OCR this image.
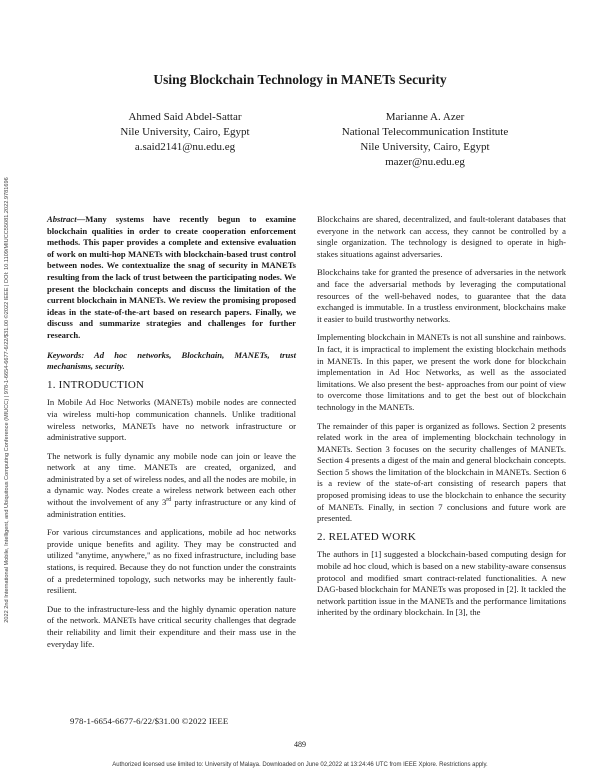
2022 2nd International Mobile, Intelligent, and Ubiquitous Computing Conference (MIUCC) | 978-1-6654-6677-6/22/$31.00 ©2022 IEEE | DOI: 10.1109/MIUCC55081.2022.9781696
Using Blockchain Technology in MANETs Security
Ahmed Said Abdel-Sattar
Nile University, Cairo, Egypt
a.said2141@nu.edu.eg
Marianne A. Azer
National Telecommunication Institute
Nile University, Cairo, Egypt
mazer@nu.edu.eg

Abstract—Many systems have recently begun to examine blockchain qualities in order to create cooperation enforcement methods. This paper provides a complete and extensive evaluation of work on multi-hop MANETs with blockchain-based trust control between nodes. We contextualize the snag of security in MANETs resulting from the lack of trust between the participating nodes. We present the blockchain concepts and discuss the limitation of the current blockchain in MANETs. We review the promising proposed ideas in the state-of-the-art based on research papers. Finally, we discuss and summarize strategies and challenges for further research.

Keywords: Ad hoc networks, Blockchain, MANETs, trust mechanisms, security.

1. INTRODUCTION

In Mobile Ad Hoc Networks (MANETs) mobile nodes are connected via wireless multi-hop communication channels. Unlike traditional wireless networks, MANETs have no network infrastructure or administrative support.

The network is fully dynamic any mobile node can join or leave the network at any time. MANETs are created, organized, and administrated by a set of wireless nodes, and all the nodes are mobile, in a dynamic way. Nodes create a wireless network between each other without the involvement of any 3rd party infrastructure or any kind of administration entities.

For various circumstances and applications, mobile ad hoc networks provide unique benefits and agility. They may be constructed and utilized "anytime, anywhere," as no fixed infrastructure, including base stations, is required. Because they do not function under the constraints of a predetermined topology, such networks may be inherently fault-resilient.

Due to the infrastructure-less and the highly dynamic operation nature of the network. MANETs have critical security challenges that degrade their reliability and limit their expenditure and their mass use in the everyday life.

Blockchains are shared, decentralized, and fault-tolerant databases that everyone in the network can access, they cannot be controlled by a single organization. The technology is designed to operate in high-stakes situations against adversaries.

Blockchains take for granted the presence of adversaries in the network and face the adversarial methods by leveraging the computational resources of the well-behaved nodes, to guarantee that the data exchanged is immutable. In a trustless environment, blockchains make it easier to build trustworthy networks.

Implementing blockchain in MANETs is not all sunshine and rainbows. In fact, it is impractical to implement the existing blockchain methods in MANETs. In this paper, we present the work done for blockchain implementation in Ad Hoc Networks, as well as the associated limitations. We also present the best- approaches from our point of view to overcome those limitations and to get the best out of blockchain technology in the MANETs.

The remainder of this paper is organized as follows. Section 2 presents related work in the area of implementing blockchain technology in MANETs. Section 3 focuses on the security challenges of MANETs. Section 4 presents a digest of the main and general blockchain concepts. Section 5 shows the limitation of the blockchain in MANETs. Section 6 is a review of the state-of-art consisting of research papers that proposed promising ideas to use the blockchain to enhance the security of MANETs. Finally, in section 7 conclusions and future work are presented.

2. RELATED WORK

The authors in [1] suggested a blockchain-based computing design for mobile ad hoc cloud, which is based on a new stability-aware consensus protocol and modified smart contract-related functionalities. A new DAG-based blockchain for MANETs was proposed in [2]. It tackled the network partition issue in the MANETs and the performance limitations inherited by the ordinary blockchain. In [3], the

978-1-6654-6677-6/22/$31.00 ©2022 IEEE
489
Authorized licensed use limited to: University of Malaya. Downloaded on June 02,2022 at 13:24:46 UTC from IEEE Xplore. Restrictions apply.
